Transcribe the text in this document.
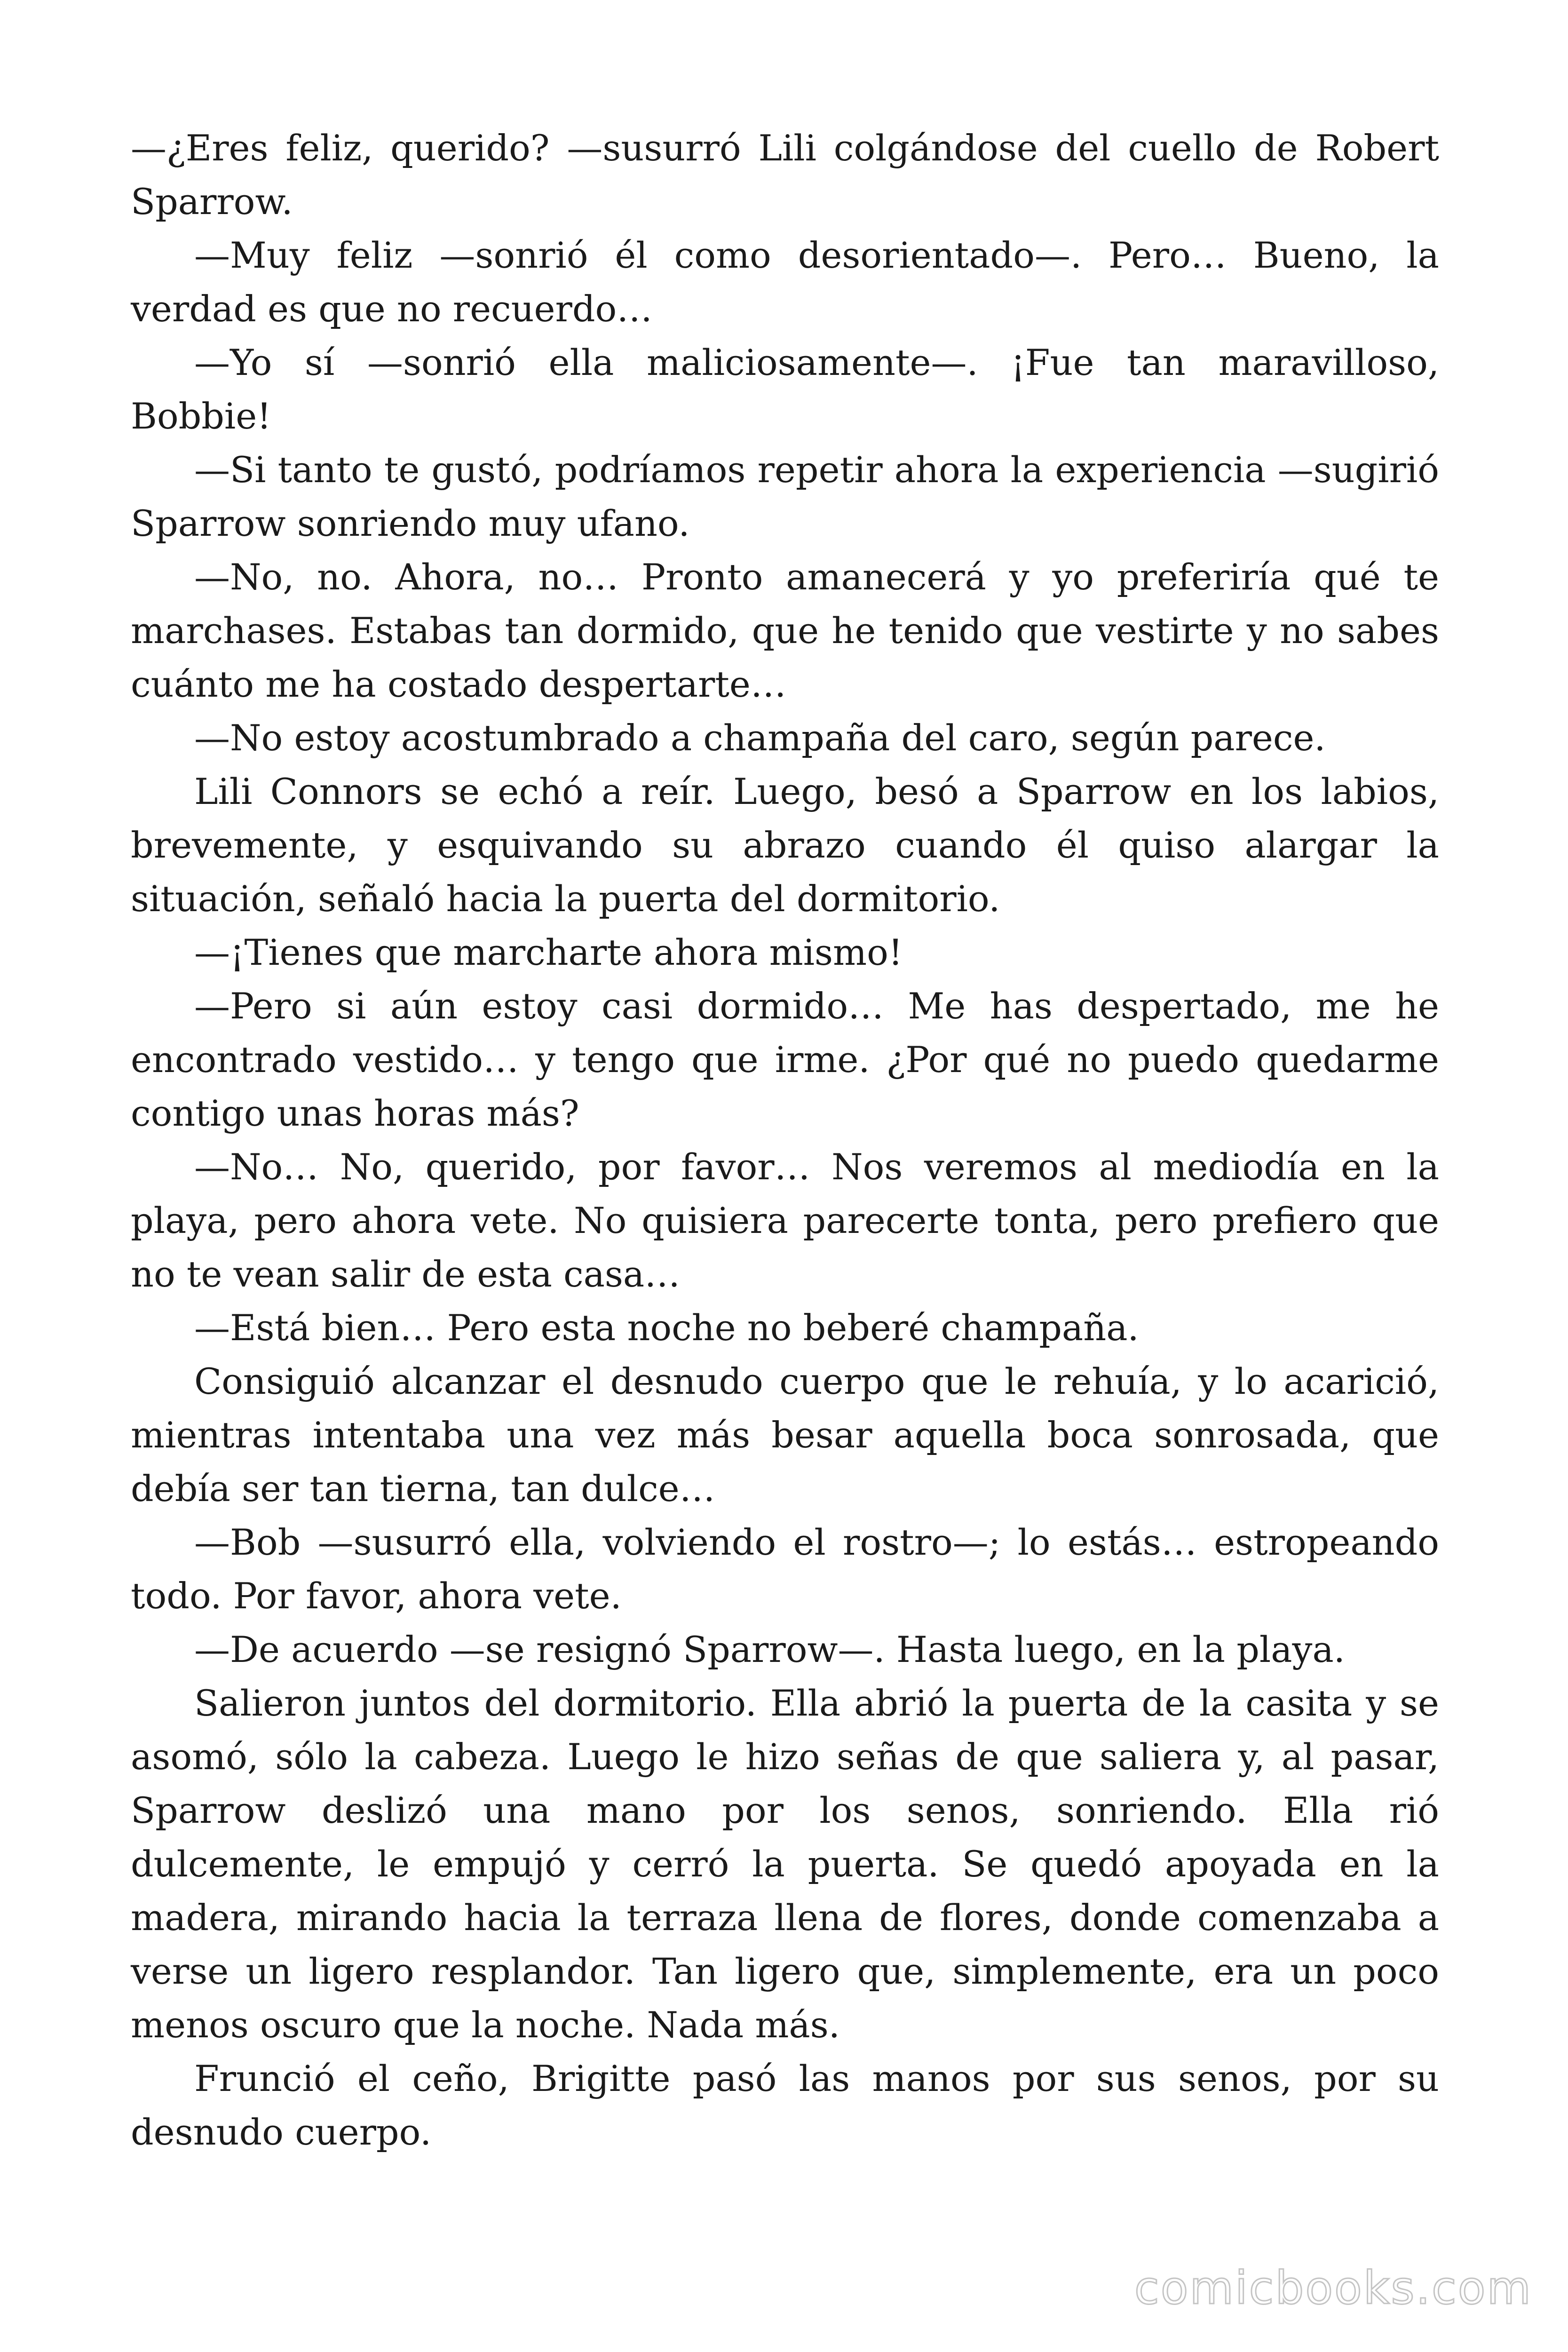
—¿Eres feliz, querido? —susurró Lili colgándose del cuello de Robert Sparrow.

—Muy feliz —sonrió él como desorientado—. Pero… Bueno, la verdad es que no recuerdo…

—Yo sí —sonrió ella maliciosamente—. ¡Fue tan maravilloso, Bobbie!

—Si tanto te gustó, podríamos repetir ahora la experiencia —sugirió Sparrow sonriendo muy ufano.

—No, no. Ahora, no… Pronto amanecerá y yo preferiría qué te marchases. Estabas tan dormido, que he tenido que vestirte y no sabes cuánto me ha costado despertarte…

—No estoy acostumbrado a champaña del caro, según parece.

Lili Connors se echó a reír. Luego, besó a Sparrow en los labios, brevemente, y esquivando su abrazo cuando él quiso alargar la situación, señaló hacia la puerta del dormitorio.

—¡Tienes que marcharte ahora mismo!

—Pero si aún estoy casi dormido… Me has despertado, me he encontrado vestido… y tengo que irme. ¿Por qué no puedo quedarme contigo unas horas más?

—No… No, querido, por favor… Nos veremos al mediodía en la playa, pero ahora vete. No quisiera parecerte tonta, pero prefiero que no te vean salir de esta casa…

—Está bien… Pero esta noche no beberé champaña.

Consiguió alcanzar el desnudo cuerpo que le rehuía, y lo acarició, mientras intentaba una vez más besar aquella boca sonrosada, que debía ser tan tierna, tan dulce…

—Bob —susurró ella, volviendo el rostro—; lo estás… estropeando todo. Por favor, ahora vete.

—De acuerdo —se resignó Sparrow—. Hasta luego, en la playa.

Salieron juntos del dormitorio. Ella abrió la puerta de la casita y se asomó, sólo la cabeza. Luego le hizo señas de que saliera y, al pasar, Sparrow deslizó una mano por los senos, sonriendo. Ella rió dulcemente, le empujó y cerró la puerta. Se quedó apoyada en la madera, mirando hacia la terraza llena de flores, donde comenzaba a verse un ligero resplandor. Tan ligero que, simplemente, era un poco menos oscuro que la noche. Nada más.

Frunció el ceño, Brigitte pasó las manos por sus senos, por su desnudo cuerpo.

comicbooks.com
